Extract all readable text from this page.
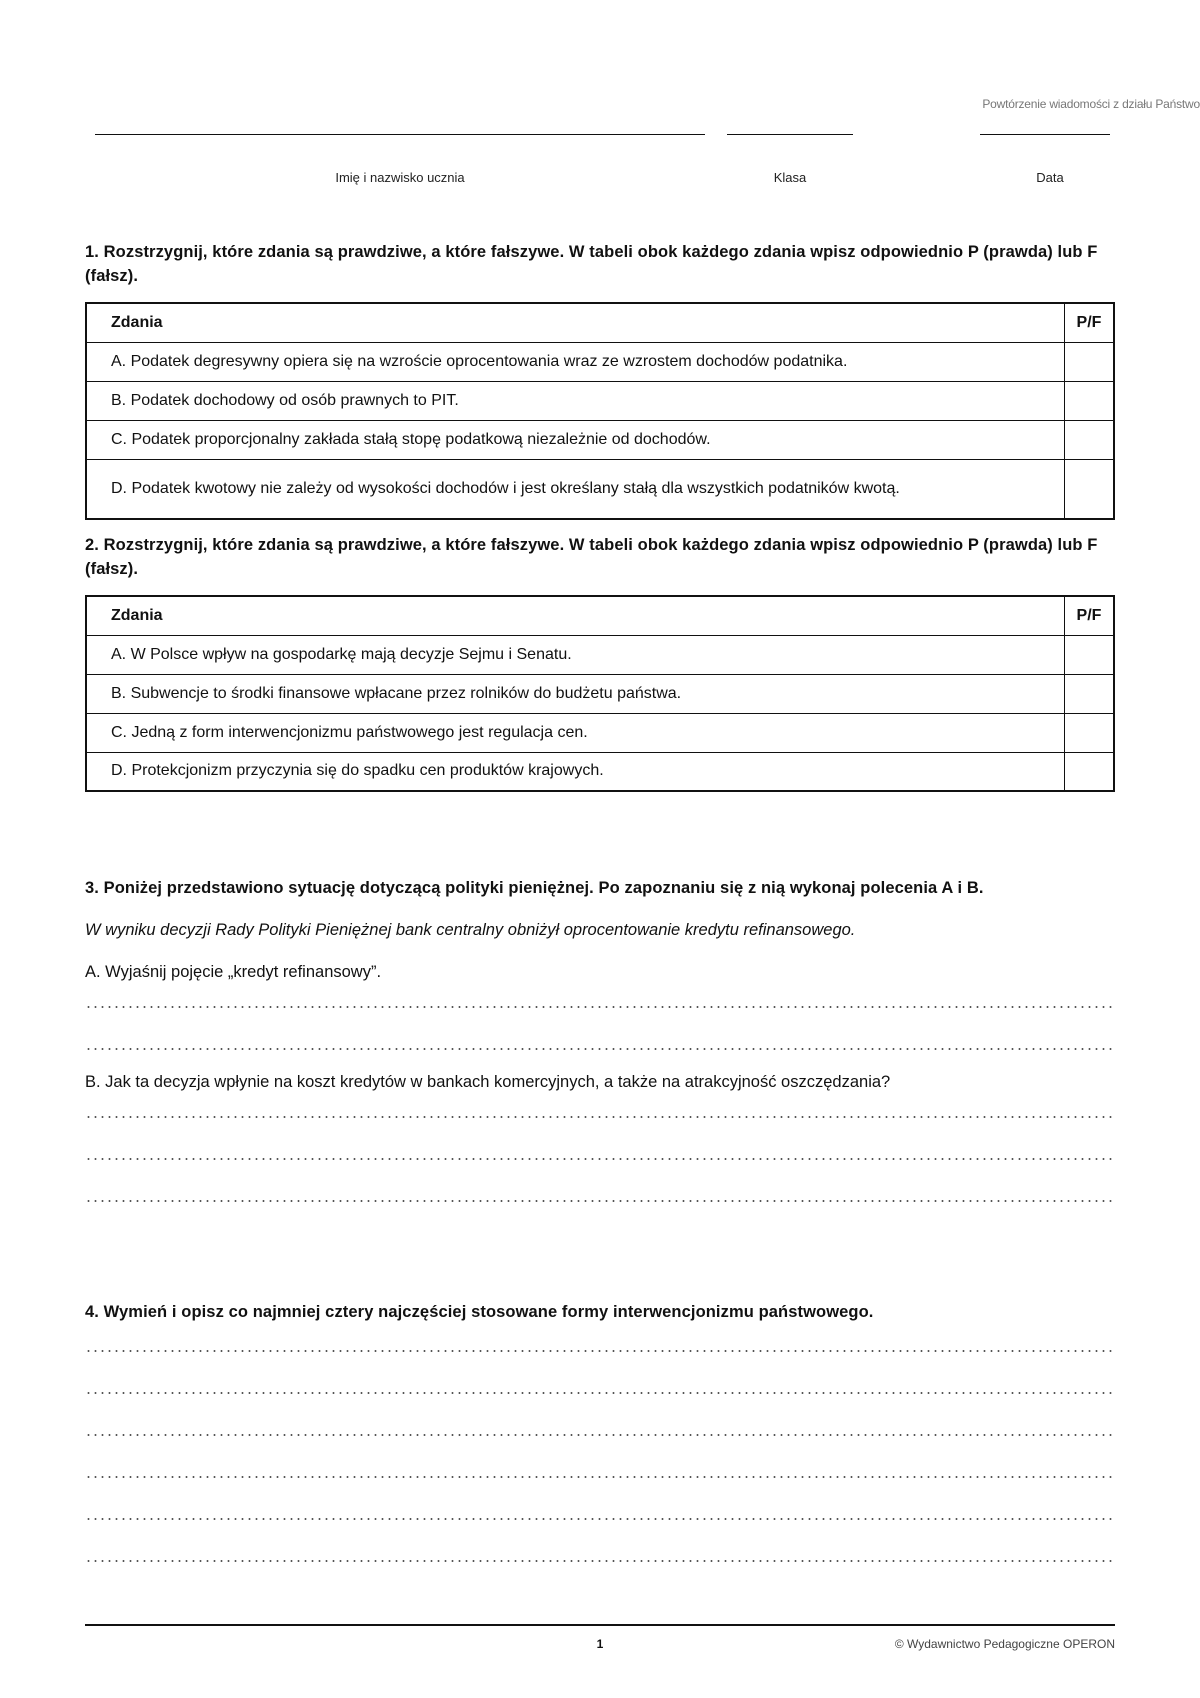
Powtórzenie wiadomości z działu Państwo
Imię i nazwisko ucznia	Klasa	Data

1. Rozstrzygnij, które zdania są prawdziwe, a które fałszywe. W tabeli obok każdego zdania wpisz odpowiednio P (prawda) lub F (fałsz).

Zdania	P/F
A. Podatek degresywny opiera się na wzroście oprocentowania wraz ze wzrostem dochodów podatnika.	
B. Podatek dochodowy od osób prawnych to PIT.	
C. Podatek proporcjonalny zakłada stałą stopę podatkową niezależnie od dochodów.	

D. Podatek kwotowy nie zależy od wysokości dochodów i jest określany stałą dla wszystkich podatników kwotą.	

2. Rozstrzygnij, które zdania są prawdziwe, a które fałszywe. W tabeli obok każdego zdania wpisz odpowiednio P (prawda) lub F (fałsz).

Zdania	P/F
A. W Polsce wpływ na gospodarkę mają decyzje Sejmu i Senatu.	
B. Subwencje to środki finansowe wpłacane przez rolników do budżetu państwa.	
C. Jedną z form interwencjonizmu państwowego jest regulacja cen.	
D. Protekcjonizm przyczynia się do spadku cen produktów krajowych.	

3. Poniżej przedstawiono sytuację dotyczącą polityki pieniężnej. Po zapoznaniu się z nią wykonaj polecenia A i B.

W wyniku decyzji Rady Polityki Pieniężnej bank centralny obniżył oprocentowanie kredytu refinansowego.

A. Wyjaśnij pojęcie „kredyt refinansowy”.

B. Jak ta decyzja wpłynie na koszt kredytów w bankach komercyjnych, a także na atrakcyjność oszczędzania?

4. Wymień i opisz co najmniej cztery najczęściej stosowane formy interwencjonizmu państwowego.

1	© Wydawnictwo Pedagogiczne OPERON
